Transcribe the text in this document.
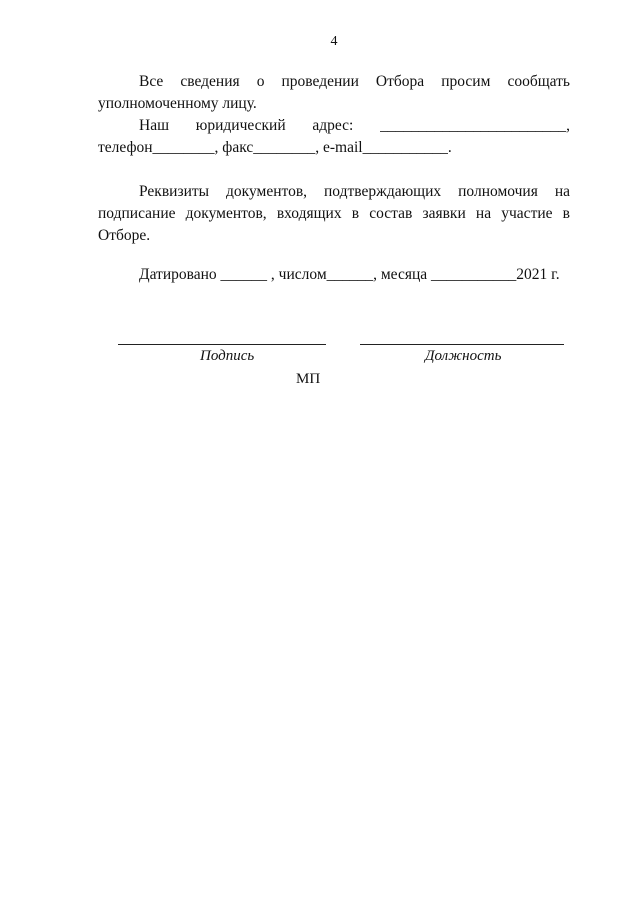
4

Все сведения о проведении Отбора просим сообщать уполномоченному лицу.

Наш юридический адрес: ________________________,
телефон________, факс________, e-mail___________.

Реквизиты документов, подтверждающих полномочия на подписание документов, входящих в состав заявки на участие в Отборе.

Датировано ______ , числом______, месяца ___________2021 г.

Подпись	Должность
МП
